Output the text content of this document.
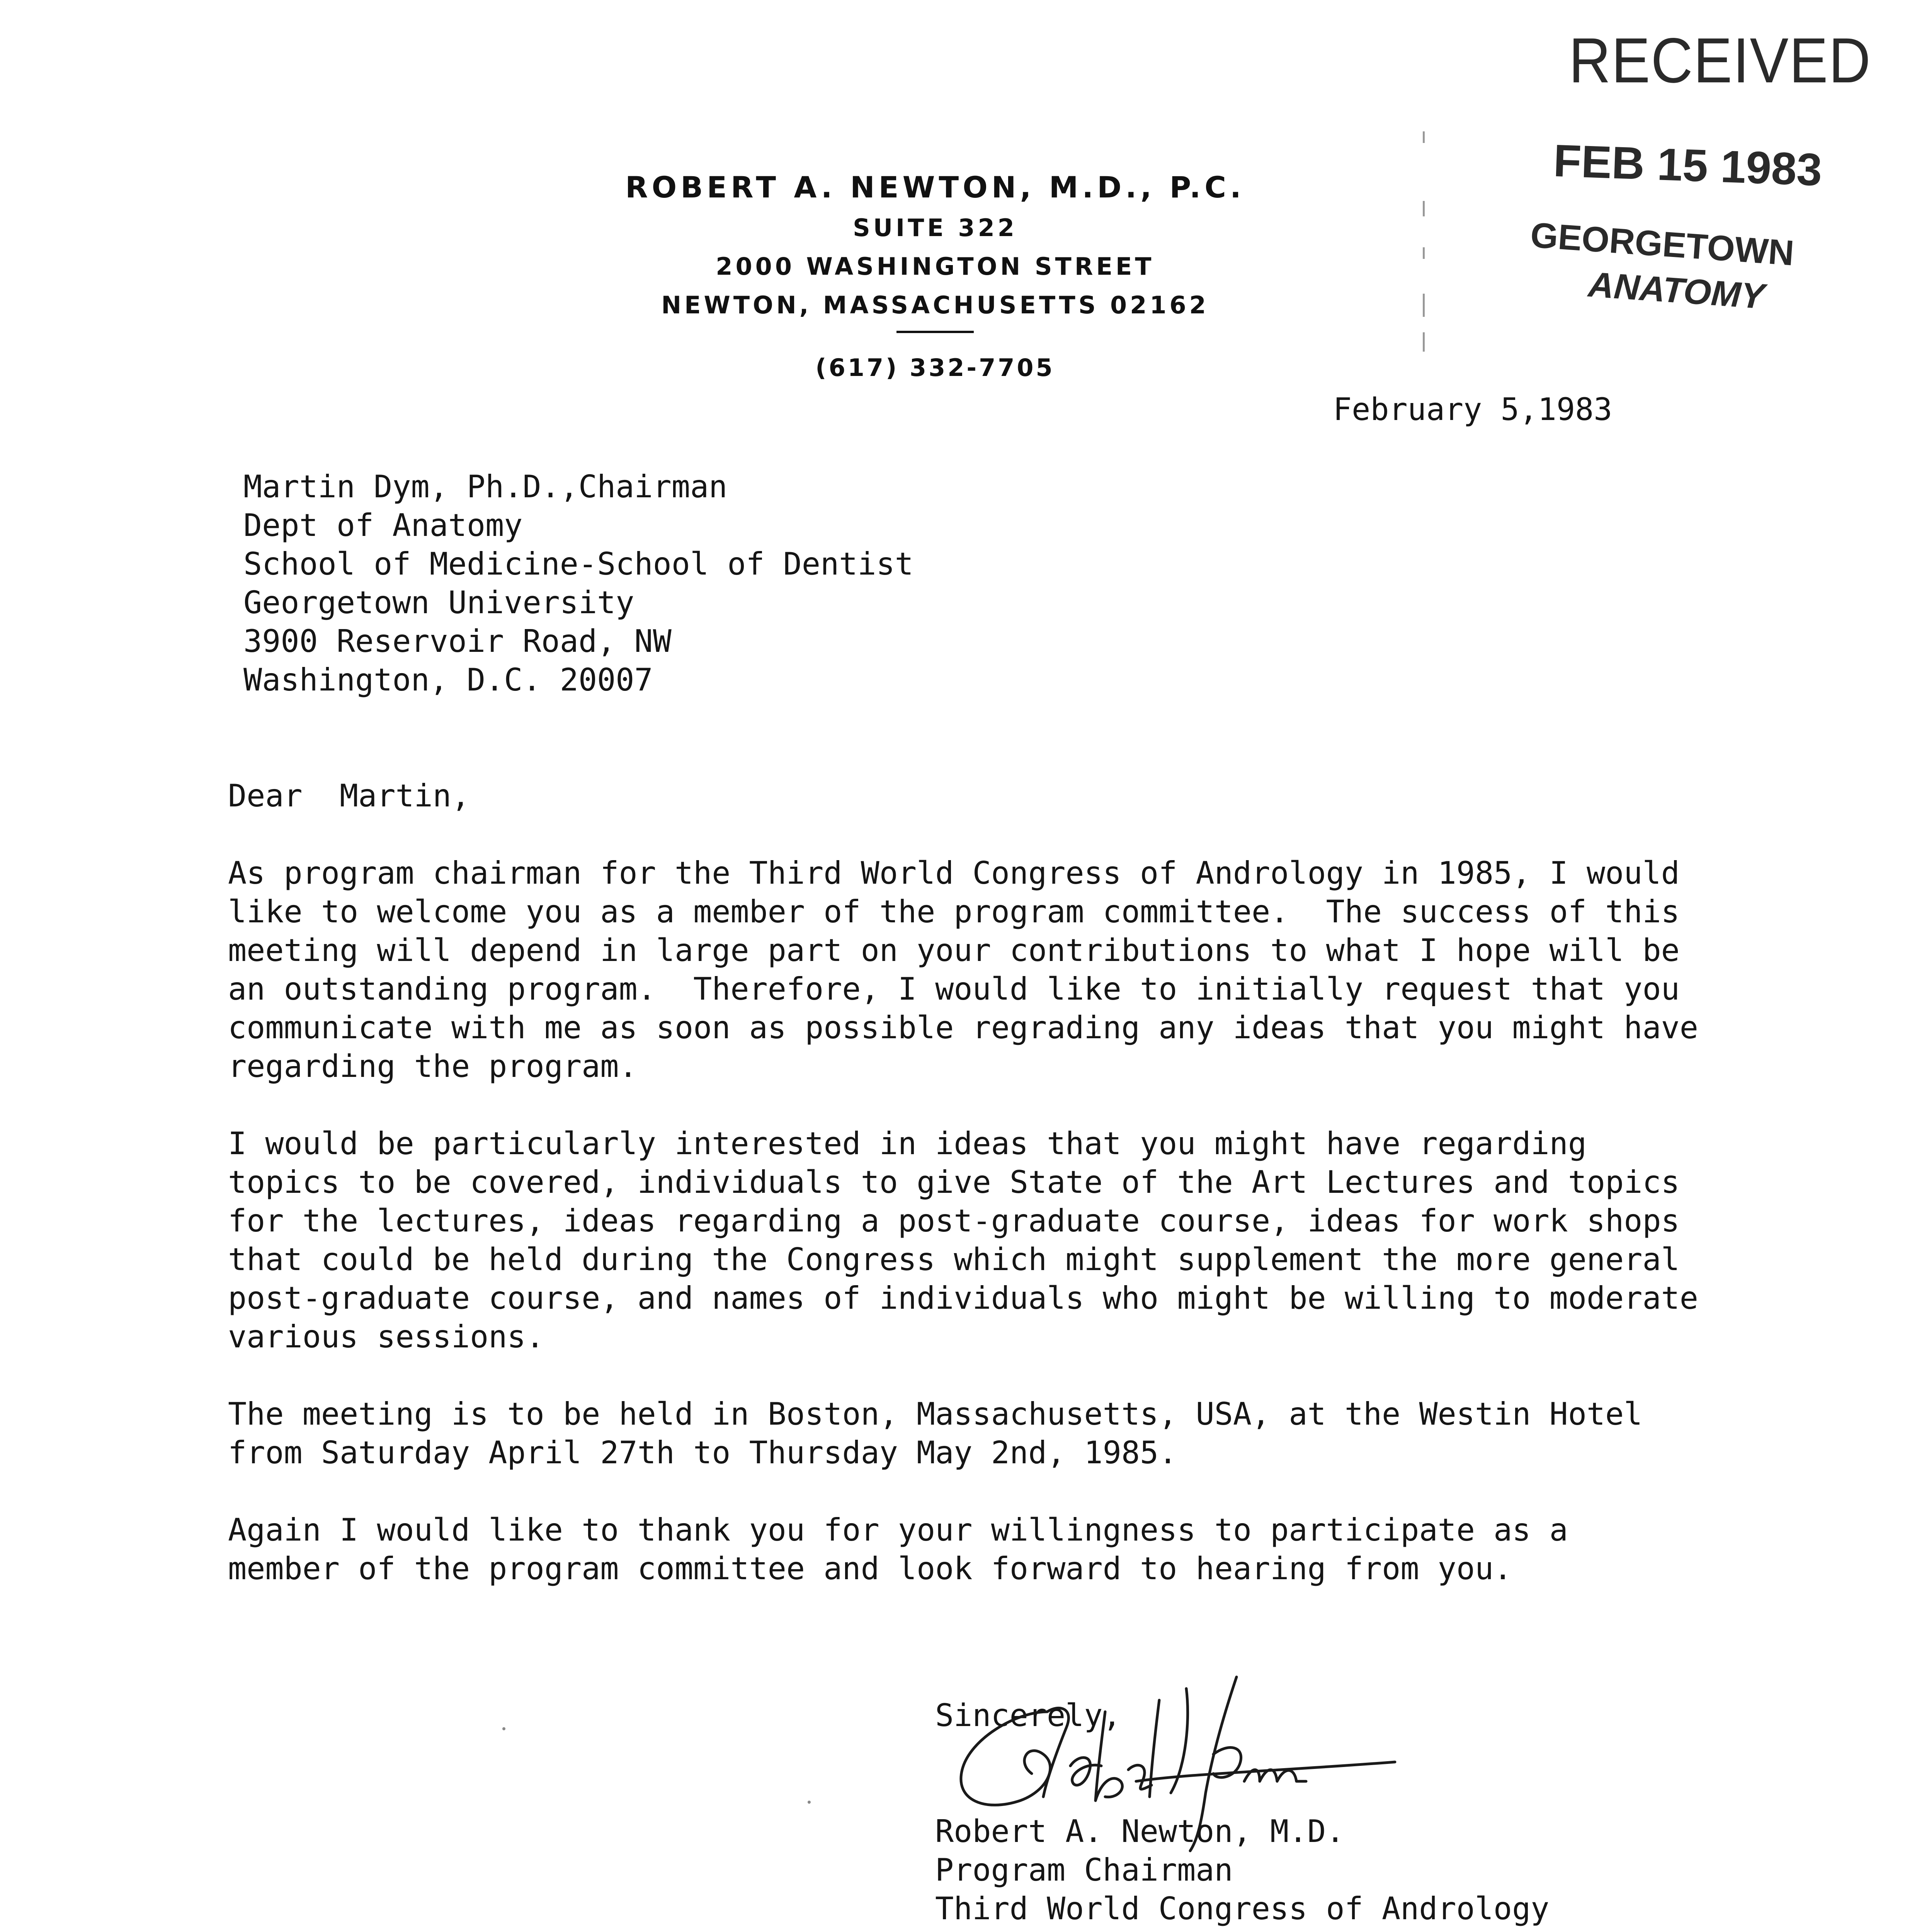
ROBERT A. NEWTON, M.D., P.C.
SUITE 322
2000 WASHINGTON STREET
NEWTON, MASSACHUSETTS 02162
(617) 332-7705
RECEIVED
FEB 15 1983
GEORGETOWN
ANATOMY
February 5,1983
Martin Dym, Ph.D.,Chairman
Dept of Anatomy
School of Medicine-School of Dentist
Georgetown University
3900 Reservoir Road, NW
Washington, D.C. 20007
Dear  Martin,
As program chairman for the Third World Congress of Andrology in 1985, I would
like to welcome you as a member of the program committee.  The success of this
meeting will depend in large part on your contributions to what I hope will be
an outstanding program.  Therefore, I would like to initially request that you
communicate with me as soon as possible regrading any ideas that you might have
regarding the program.
I would be particularly interested in ideas that you might have regarding
topics to be covered, individuals to give State of the Art Lectures and topics
for the lectures, ideas regarding a post-graduate course, ideas for work shops
that could be held during the Congress which might supplement the more general
post-graduate course, and names of individuals who might be willing to moderate
various sessions.
The meeting is to be held in Boston, Massachusetts, USA, at the Westin Hotel
from Saturday April 27th to Thursday May 2nd, 1985.
Again I would like to thank you for your willingness to participate as a
member of the program committee and look forward to hearing from you.
Sincerely,
Robert A. Newton, M.D.
Program Chairman
Third World Congress of Andrology
